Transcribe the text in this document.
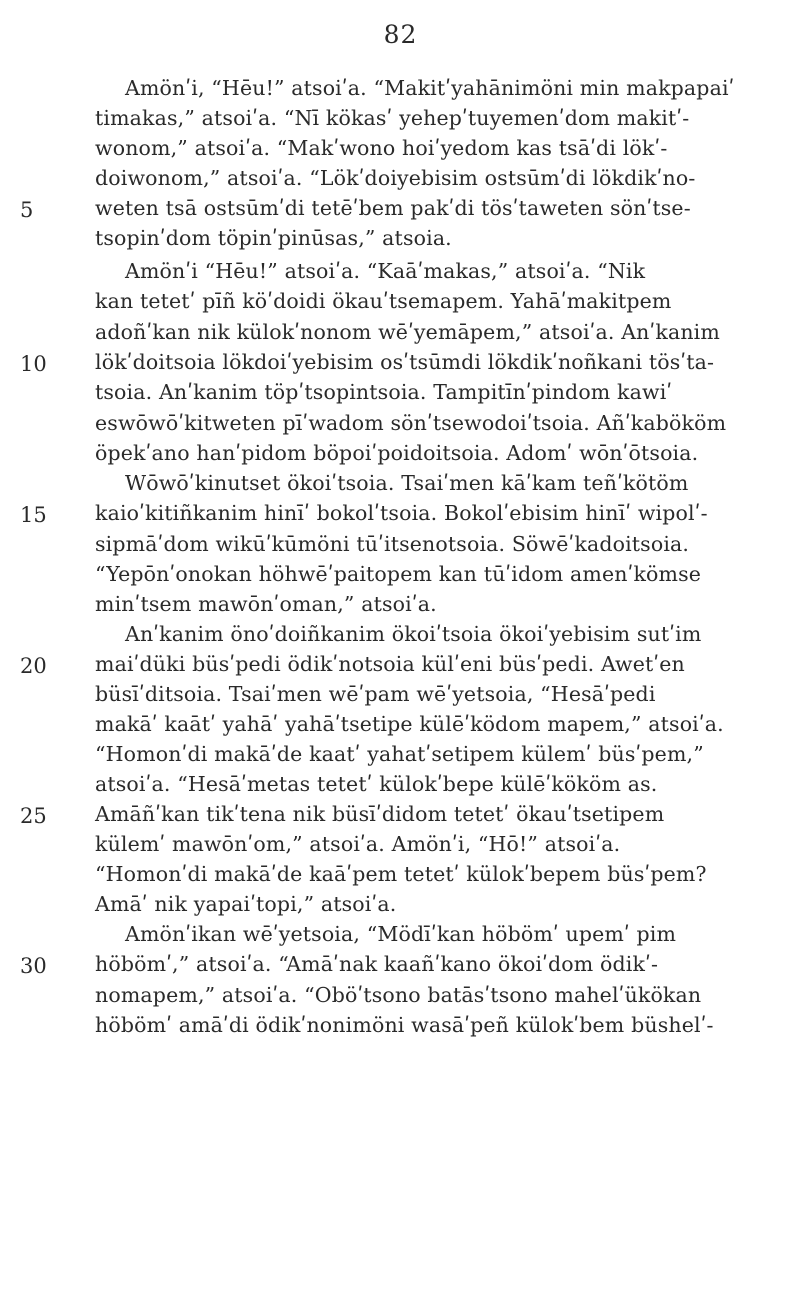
82
Amönʹi, “Hēu!” atsoiʹa. “Makitʹyahānimöni min makpapaiʹ
timakas,” atsoiʹa. “Nī kökasʹ yehepʹtuyemenʹdom makitʹ-
wonom,” atsoiʹa. “Makʹwono hoiʹyedom kas tsāʹdi lökʹ-
doiwonom,” atsoiʹa. “Lökʹdoiyebisim ostsūmʹdi lökdikʹno-
weten tsā ostsūmʹdi tetēʹbem pakʹdi tösʹtaweten sönʹtse-
5
tsopinʹdom töpinʹpinūsas,” atsoia.
Amönʹi “Hēu!” atsoiʹa. “Kaāʹmakas,” atsoiʹa. “Nik
kan tetetʹ pīñ köʹdoidi ökauʹtsemapem. Yahāʹmakitpem
adoñʹkan nik külokʹnonom wēʹyemāpem,” atsoiʹa. Anʹkanim
lökʹdoitsoia lökdoiʹyebisim osʹtsūmdi lökdikʹnoñkani tösʹta-
10
tsoia. Anʹkanim töpʹtsopintsoia. Tampitīnʹpindom kawiʹ
eswōwōʹkitweten pīʹwadom sönʹtsewodoiʹtsoia. Añʹkabököm
öpekʹano hanʹpidom böpoiʹpoidoitsoia. Adomʹ wōnʹōtsoia.
Wōwōʹkinutset ökoiʹtsoia. Tsaiʹmen kāʹkam teñʹkötöm
kaioʹkitiñkanim hinīʹ bokolʹtsoia. Bokolʹebisim hinīʹ wipolʹ-
15
sipmāʹdom wikūʹkūmöni tūʹitsenotsoia. Söwēʹkadoitsoia.
“Yepōnʹonokan höhwēʹpaitopem kan tūʹidom amenʹkömse
minʹtsem mawōnʹoman,” atsoiʹa.
Anʹkanim önoʹdoiñkanim ökoiʹtsoia ökoiʹyebisim sutʹim
maiʹdüki büsʹpedi ödikʹnotsoia külʹeni büsʹpedi. Awetʹen
20
büsīʹditsoia. Tsaiʹmen wēʹpam wēʹyetsoia, “Hesāʹpedi
makāʹ kaātʹ yahāʹ yahāʹtsetipe külēʹködom mapem,” atsoiʹa.
“Homonʹdi makāʹde kaatʹ yahatʹsetipem külemʹ büsʹpem,”
atsoiʹa. “Hesāʹmetas tetetʹ külokʹbepe külēʹkököm as.
Amāñʹkan tikʹtena nik büsīʹdidom tetetʹ ökauʹtsetipem
25
külemʹ mawōnʹom,” atsoiʹa. Amönʹi, “Hō!” atsoiʹa.
“Homonʹdi makāʹde kaāʹpem tetetʹ külokʹbepem büsʹpem?
Amāʹ nik yapaiʹtopi,” atsoiʹa.
Amönʹikan wēʹyetsoia, “Mödīʹkan höbömʹ upemʹ pim
höbömʹ,” atsoiʹa. “Amāʹnak kaañʹkano ökoiʹdom ödikʹ-
30
nomapem,” atsoiʹa. “Oböʹtsono batāsʹtsono mahelʹükökan
höbömʹ amāʹdi ödikʹnonimöni wasāʹpeñ külokʹbem büshelʹ-
